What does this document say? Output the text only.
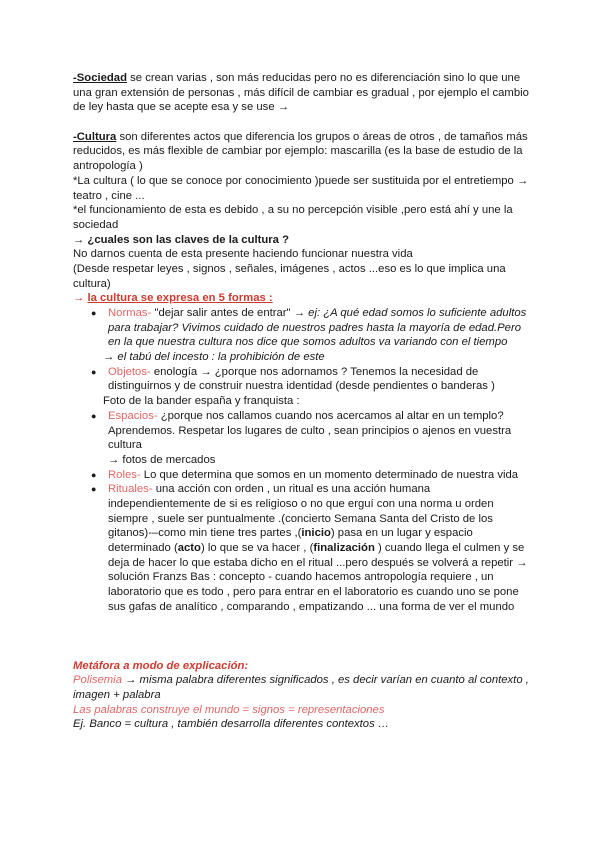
-Sociedad se crean varias , son más reducidas pero no es diferenciación sino lo que une
una gran extensión de personas , más difícil de cambiar es gradual , por ejemplo el cambio
de ley hasta que se acepte esa y se use →
-Cultura son diferentes actos que diferencia los grupos o áreas de otros , de tamaños más
reducidos, es más flexible de cambiar por ejemplo: mascarilla (es la base de estudio de la
antropología )
*La cultura ( lo que se conoce por conocimiento )puede ser sustituida por el entretiempo →
teatro , cine ...
*el funcionamiento de esta es debido , a su no percepción visible ,pero está ahí y une la
sociedad
→ ¿cuales son las claves de la cultura ?
No darnos cuenta de esta presente haciendo funcionar nuestra vida
(Desde respetar leyes , signos , señales, imágenes , actos ...eso es lo que implica una
cultura)
→ la cultura se expresa en 5 formas :
● Normas- "dejar salir antes de entrar" → ej: ¿A qué edad somos lo suficiente adultos
para trabajar? Vivimos cuidado de nuestros padres hasta la mayoría de edad.Pero
en la que nuestra cultura nos dice que somos adultos va variando con el tiempo
→ el tabú del incesto : la prohibición de este
● Objetos- enología → ¿porque nos adornamos ? Tenemos la necesidad de
distinguirnos y de construir nuestra identidad (desde pendientes o banderas )
Foto de la bander españa y franquista :
● Espacios- ¿porque nos callamos cuando nos acercamos al altar en un templo?
Aprendemos. Respetar los lugares de culto , sean principios o ajenos en vuestra
cultura
→ fotos de mercados
● Roles- Lo que determina que somos en un momento determinado de nuestra vida
● Rituales- una acción con orden , un ritual es una acción humana
independientemente de si es religioso o no que erguí con una norma u orden
siempre , suele ser puntualmente .(concierto Semana Santa del Cristo de los
gitanos)-–como min tiene tres partes ,(inicio) pasa en un lugar y espacio
determinado (acto) lo que se va hacer , (finalización ) cuando llega el culmen y se
deja de hacer lo que estaba dicho en el ritual ...pero después se volverá a repetir →
solución Franzs Bas : concepto - cuando hacemos antropología requiere , un
laboratorio que es todo , pero para entrar en el laboratorio es cuando uno se pone
sus gafas de analítico , comparando , empatizando ... una forma de ver el mundo
Metáfora a modo de explicación:
Polisemia → misma palabra diferentes significados , es decir varían en cuanto al contexto ,
imagen + palabra
Las palabras construye el mundo = signos = representaciones
Ej. Banco = cultura , también desarrolla diferentes contextos …
